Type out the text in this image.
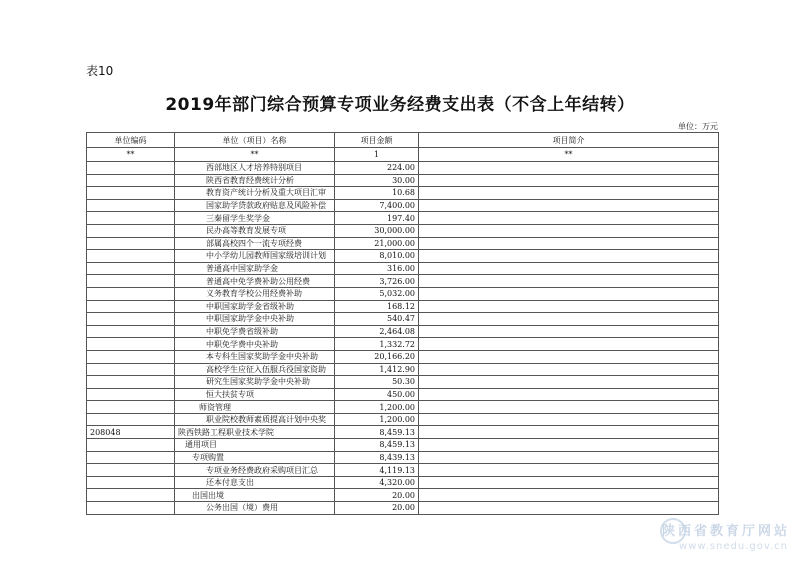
表10
2019年部门综合预算专项业务经费支出表（不含上年结转）
单位：万元
单位编码	单位（项目）名称	项目金额	项目简介
**	**	1	**
	西部地区人才培养特别项目	224.00	
	陕西省教育经费统计分析	30.00	
	教育资产统计分析及重大项目汇审	10.68	
	国家助学贷款政府贴息及风险补偿	7,400.00	
	三秦留学生奖学金	197.40	
	民办高等教育发展专项	30,000.00	
	部属高校四个一流专项经费	21,000.00	
	中小学幼儿园教师国家级培训计划	8,010.00	
	普通高中国家助学金	316.00	
	普通高中免学费补助公用经费	3,726.00	
	义务教育学校公用经费补助	5,032.00	
	中职国家助学金省级补助	168.12	
	中职国家助学金中央补助	540.47	
	中职免学费省级补助	2,464.08	
	中职免学费中央补助	1,332.72	
	本专科生国家奖助学金中央补助	20,166.20	
	高校学生应征入伍服兵役国家资助	1,412.90	
	研究生国家奖助学金中央补助	50.30	
	恒大扶贫专项	450.00	
	师资管理	1,200.00	
	职业院校教师素质提高计划中央奖	1,200.00	
208048	陕西铁路工程职业技术学院	8,459.13	
	通用项目	8,459.13	
	专项购置	8,439.13	
	专项业务经费政府采购项目汇总	4,119.13	
	还本付息支出	4,320.00	
	出国出境	20.00	
	公务出国（境）费用	20.00	
陕西省教育厅网站
www.snedu.gov.cn
